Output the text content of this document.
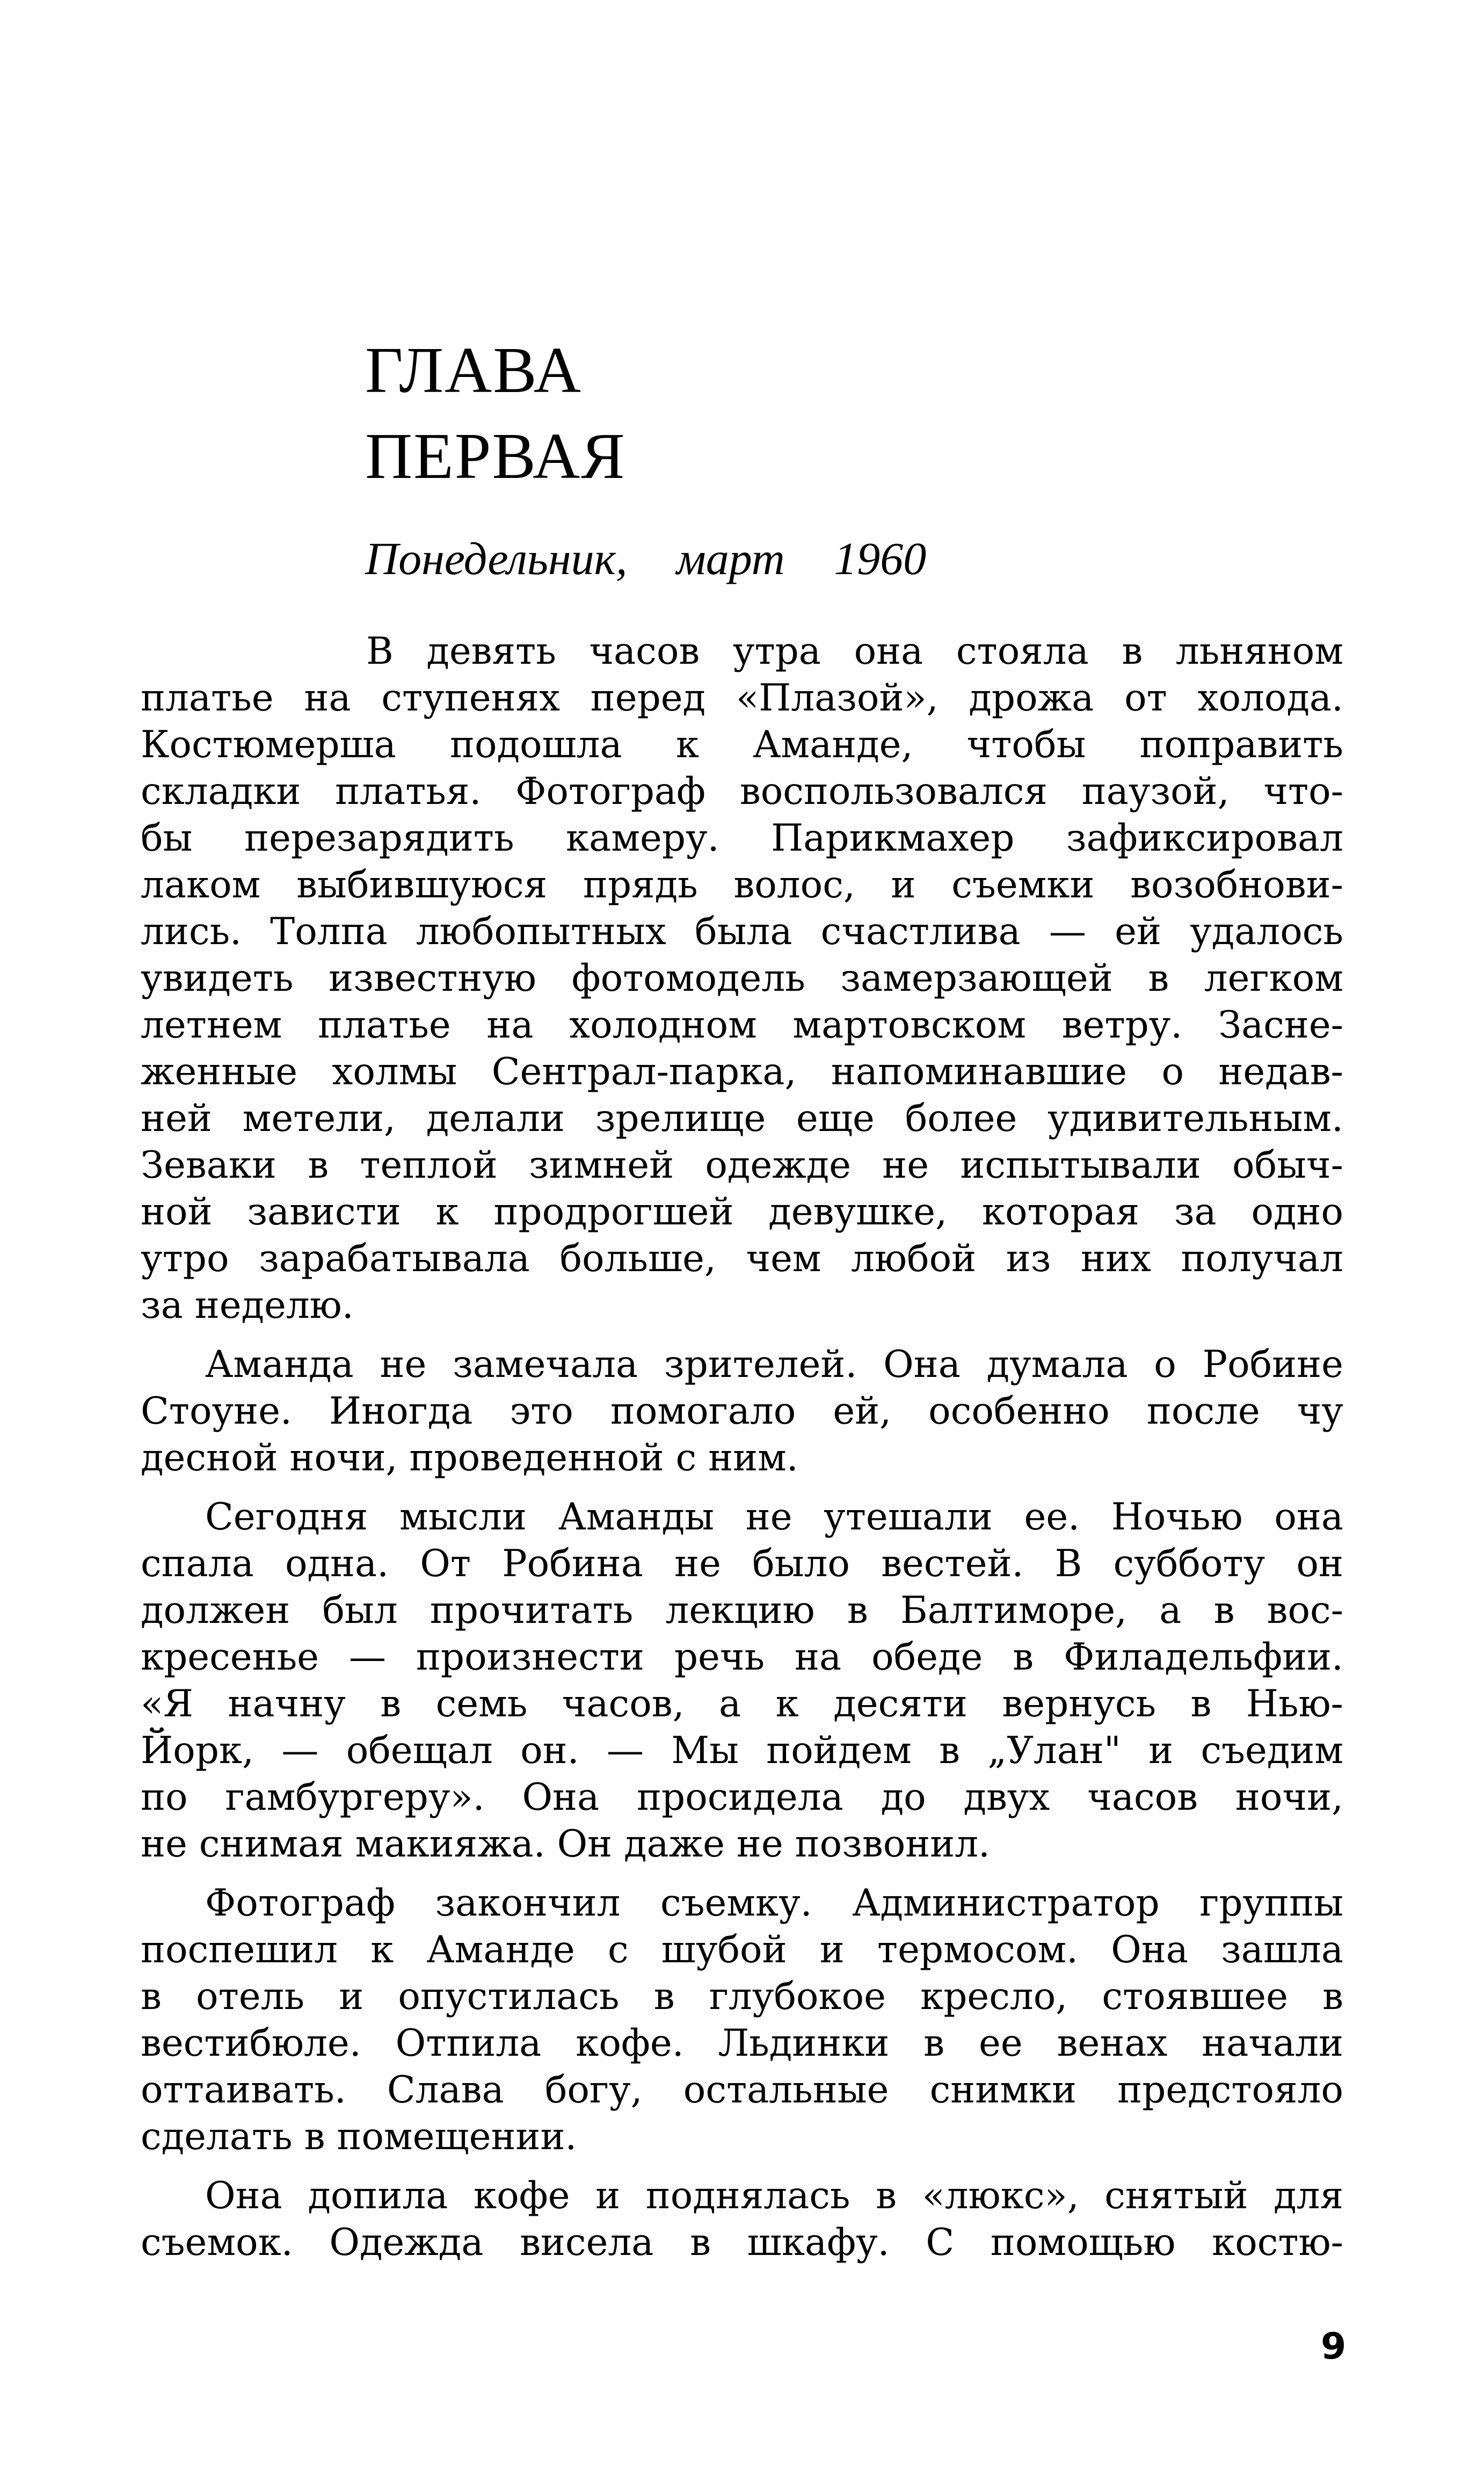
ГЛАВА
ПЕРВАЯ
Понедельник, март 1960
В девять часов утра она стояла в льняном
платье на ступенях перед «Плазой», дрожа от холода.
Костюмерша подошла к Аманде, чтобы поправить
складки платья. Фотограф воспользовался паузой, что-
бы перезарядить камеру. Парикмахер зафиксировал
лаком выбившуюся прядь волос, и съемки возобнови-
лись. Толпа любопытных была счастлива — ей удалось
увидеть известную фотомодель замерзающей в легком
летнем платье на холодном мартовском ветру. Засне-
женные холмы Сентрал-парка, напоминавшие о недав-
ней метели, делали зрелище еще более удивительным.
Зеваки в теплой зимней одежде не испытывали обыч-
ной зависти к продрогшей девушке, которая за одно
утро зарабатывала больше, чем любой из них получал
за неделю.
Аманда не замечала зрителей. Она думала о Робине
Стоуне. Иногда это помогало ей, особенно после чу
десной ночи, проведенной с ним.
Сегодня мысли Аманды не утешали ее. Ночью она
спала одна. От Робина не было вестей. В субботу он
должен был прочитать лекцию в Балтиморе, а в вос-
кресенье — произнести речь на обеде в Филадельфии.
«Я начну в семь часов, а к десяти вернусь в Нью-
Йорк, — обещал он. — Мы пойдем в „Улан" и съедим
по гамбургеру». Она просидела до двух часов ночи,
не снимая макияжа. Он даже не позвонил.
Фотограф закончил съемку. Администратор группы
поспешил к Аманде с шубой и термосом. Она зашла
в отель и опустилась в глубокое кресло, стоявшее в
вестибюле. Отпила кофе. Льдинки в ее венах начали
оттаивать. Слава богу, остальные снимки предстояло
сделать в помещении.
Она допила кофе и поднялась в «люкс», снятый для
съемок. Одежда висела в шкафу. С помощью костю-
9
